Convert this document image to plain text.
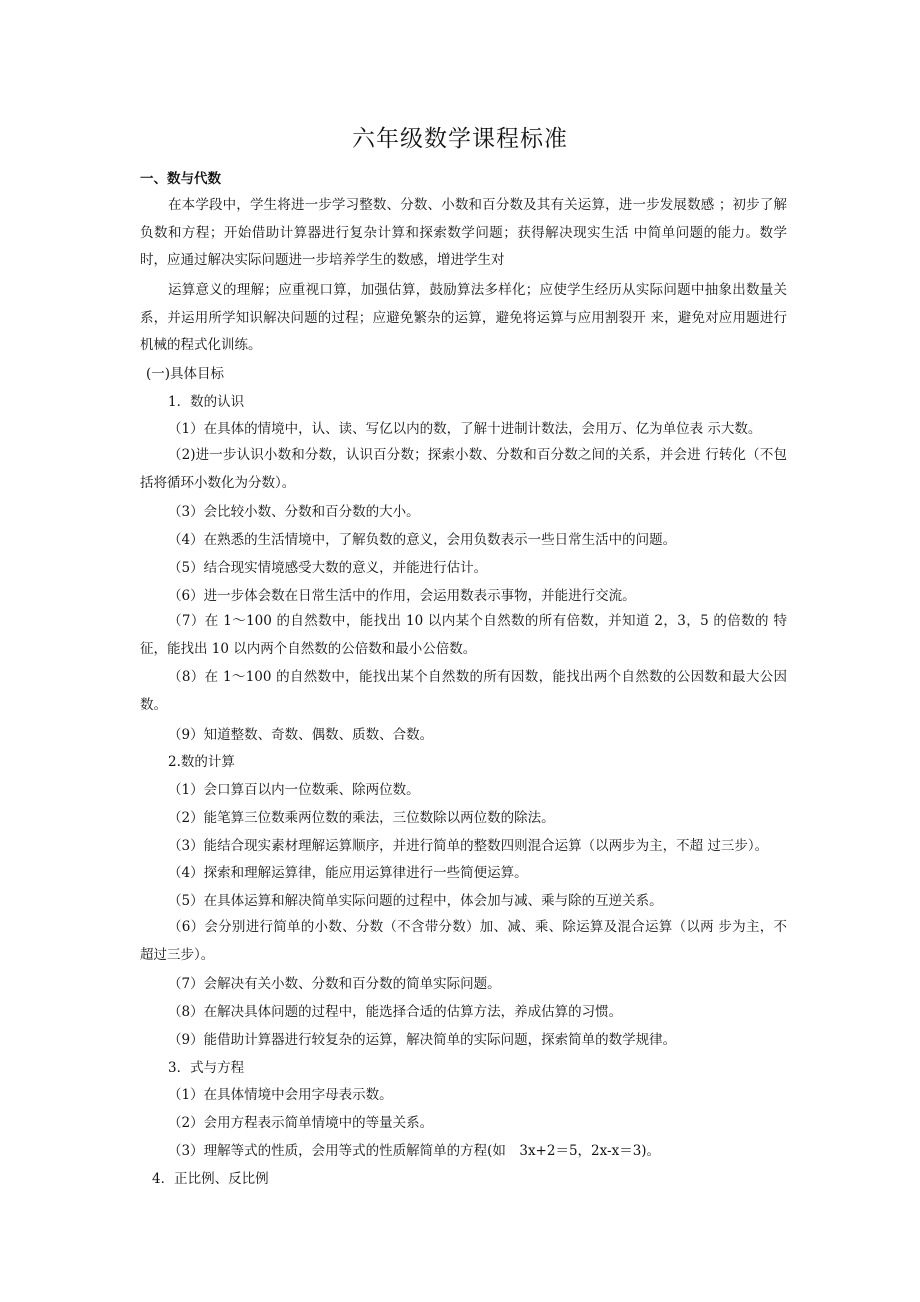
六年级数学课程标准
一、数与代数
在本学段中，学生将进一步学习整数、分数、小数和百分数及其有关运算，进一步发展数感 ；初步了解负数和方程；开始借助计算器进行复杂计算和探索数学问题；获得解决现实生活 中简单问题的能力。数学时，应通过解决实际问题进一步培养学生的数感，增进学生对
运算意义的理解；应重视口算，加强估算，鼓励算法多样化；应使学生经历从实际问题中抽象出数量关系，并运用所学知识解决问题的过程；应避免繁杂的运算，避免将运算与应用割裂开 来，避免对应用题进行机械的程式化训练。
(一)具体目标
1．数的认识
（1）在具体的情境中，认、读、写亿以内的数，了解十进制计数法，会用万、亿为单位表 示大数。
（2)进一步认识小数和分数，认识百分数；探索小数、分数和百分数之间的关系，并会进 行转化（不包括将循环小数化为分数）。
（3）会比较小数、分数和百分数的大小。
（4）在熟悉的生活情境中，了解负数的意义，会用负数表示一些日常生活中的问题。
（5）结合现实情境感受大数的意义，并能进行估计。
（6）进一步体会数在日常生活中的作用，会运用数表示事物，并能进行交流。
（7）在 1～100 的自然数中，能找出 10 以内某个自然数的所有倍数，并知道 2，3，5 的倍数的 特征，能找出 10 以内两个自然数的公倍数和最小公倍数。
（8）在 1～100 的自然数中，能找出某个自然数的所有因数，能找出两个自然数的公因数和最大公因数。
（9）知道整数、奇数、偶数、质数、合数。
2.数的计算
（1）会口算百以内一位数乘、除两位数。
（2）能笔算三位数乘两位数的乘法，三位数除以两位数的除法。
（3）能结合现实素材理解运算顺序，并进行简单的整数四则混合运算（以两步为主，不超 过三步）。
（4）探索和理解运算律，能应用运算律进行一些简便运算。
（5）在具体运算和解决简单实际问题的过程中，体会加与减、乘与除的互逆关系。
（6）会分别进行简单的小数、分数（不含带分数）加、减、乘、除运算及混合运算（以两 步为主，不超过三步）。
（7）会解决有关小数、分数和百分数的简单实际问题。
（8）在解决具体问题的过程中，能选择合适的估算方法，养成估算的习惯。
（9）能借助计算器进行较复杂的运算，解决简单的实际问题，探索简单的数学规律。
3．式与方程
（1）在具体情境中会用字母表示数。
（2）会用方程表示简单情境中的等量关系。
（3）理解等式的性质，会用等式的性质解简单的方程(如　3x+2＝5，2x-x＝3)。
4．正比例、反比例
